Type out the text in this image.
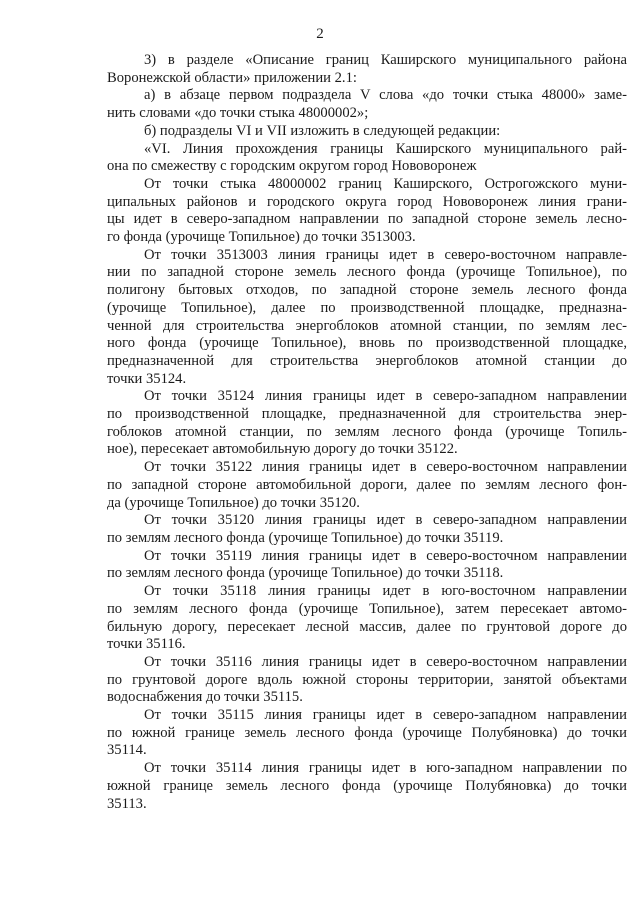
2

3) в разделе «Описание границ Каширского муниципального района
Воронежской области» приложении 2.1:

а) в абзаце первом подраздела V слова «до точки стыка 48000» заме-
нить словами «до точки стыка 48000002»;

б) подразделы VI и VII изложить в следующей редакции:

«VI. Линия прохождения границы Каширского муниципального рай-
она по смежеству с городским округом город Нововоронеж

От точки стыка 48000002 границ Каширского, Острогожского муни-
ципальных районов и городского округа город Нововоронеж линия грани-
цы идет в северо-западном направлении по западной стороне земель лесно-
го фонда (урочище Топильное) до точки 3513003.

От точки 3513003 линия границы идет в северо-восточном направле-
нии по западной стороне земель лесного фонда (урочище Топильное), по
полигону бытовых отходов, по западной стороне земель лесного фонда
(урочище Топильное), далее по производственной площадке, предназна-
ченной для строительства энергоблоков атомной станции, по землям лес-
ного фонда (урочище Топильное), вновь по производственной площадке,
предназначенной для строительства энергоблоков атомной станции до
точки 35124.

От точки 35124 линия границы идет в северо-западном направлении
по производственной площадке, предназначенной для строительства энер-
гоблоков атомной станции, по землям лесного фонда (урочище Топиль-
ное), пересекает автомобильную дорогу до точки 35122.

От точки 35122 линия границы идет в северо-восточном направлении
по западной стороне автомобильной дороги, далее по землям лесного фон-
да (урочище Топильное) до точки 35120.

От точки 35120 линия границы идет в северо-западном направлении
по землям лесного фонда (урочище Топильное) до точки 35119.

От точки 35119 линия границы идет в северо-восточном направлении
по землям лесного фонда (урочище Топильное) до точки 35118.

От точки 35118 линия границы идет в юго-восточном направлении
по землям лесного фонда (урочище Топильное), затем пересекает автомо-
бильную дорогу, пересекает лесной массив, далее по грунтовой дороге до
точки 35116.

От точки 35116 линия границы идет в северо-восточном направлении
по грунтовой дороге вдоль южной стороны территории, занятой объектами
водоснабжения до точки 35115.

От точки 35115 линия границы идет в северо-западном направлении
по южной границе земель лесного фонда (урочище Полубяновка) до точки
35114.

От точки 35114 линия границы идет в юго-западном направлении по
южной границе земель лесного фонда (урочище Полубяновка) до точки
35113.
